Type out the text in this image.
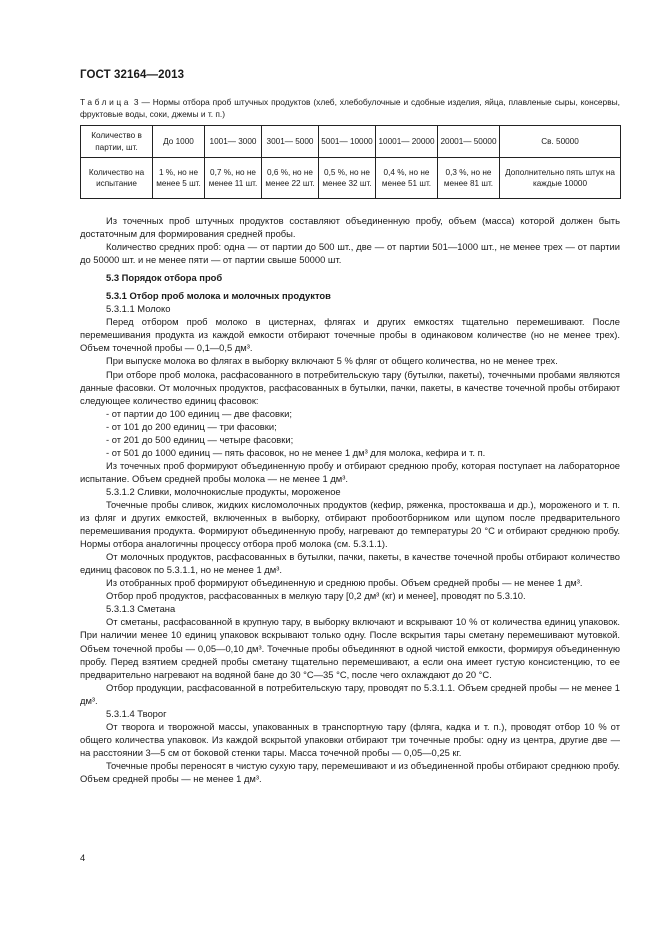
ГОСТ 32164—2013
Таблица 3 — Нормы отбора проб штучных продуктов (хлеб, хлебобулочные и сдобные изделия, яйца, плавленые сыры, консервы, фруктовые воды, соки, джемы и т. п.)
Количество в партии, шт.	До 1000	1001— 3000	3001— 5000	5001— 10000	10001— 20000	20001— 50000	Св. 50000
Количество на испытание	1 %, но не менее 5 шт.	0,7 %, но не менее 11 шт.	0,6 %, но не менее 22 шт.	0,5 %, но не менее 32 шт.	0,4 %, но не менее 51 шт.	0,3 %, но не менее 81 шт.	Дополнительно пять штук на каждые 10000

Из точечных проб штучных продуктов составляют объединенную пробу, объем (масса) которой должен быть достаточным для формирования средней пробы.

Количество средних проб: одна — от партии до 500 шт., две — от партии 501—1000 шт., не менее трех — от партии до 50000 шт. и не менее пяти — от партии свыше 50000 шт.

5.3 Порядок отбора проб

5.3.1 Отбор проб молока и молочных продуктов

5.3.1.1 Молоко

Перед отбором проб молоко в цистернах, флягах и других емкостях тщательно перемешивают. После перемешивания продукта из каждой емкости отбирают точечные пробы в одинаковом количестве (но не менее трех). Объем точечной пробы — 0,1—0,5 дм³.

При выпуске молока во флягах в выборку включают 5 % фляг от общего количества, но не менее трех.

При отборе проб молока, расфасованного в потребительскую тару (бутылки, пакеты), точечными пробами являются данные фасовки. От молочных продуктов, расфасованных в бутылки, пачки, пакеты, в качестве точечной пробы отбирают следующее количество единиц фасовок:

- от партии до 100 единиц — две фасовки;

- от 101 до 200 единиц — три фасовки;

- от 201 до 500 единиц — четыре фасовки;

- от 501 до 1000 единиц — пять фасовок, но не менее 1 дм³ для молока, кефира и т. п.

Из точечных проб формируют объединенную пробу и отбирают среднюю пробу, которая поступает на лабораторное испытание. Объем средней пробы молока — не менее 1 дм³.

5.3.1.2 Сливки, молочнокислые продукты, мороженое

Точечные пробы сливок, жидких кисломолочных продуктов (кефир, ряженка, простокваша и др.), мороженого и т. п. из фляг и других емкостей, включенных в выборку, отбирают пробоотборником или щупом после предварительного перемешивания продукта. Формируют объединенную пробу, нагревают до температуры 20 °С и отбирают среднюю пробу. Нормы отбора аналогичны процессу отбора проб молока (см. 5.3.1.1).

От молочных продуктов, расфасованных в бутылки, пачки, пакеты, в качестве точечной пробы отбирают количество единиц фасовок по 5.3.1.1, но не менее 1 дм³.

Из отобранных проб формируют объединенную и среднюю пробы. Объем средней пробы — не менее 1 дм³.

Отбор проб продуктов, расфасованных в мелкую тару [0,2 дм³ (кг) и менее], проводят по 5.3.10.

5.3.1.3 Сметана

От сметаны, расфасованной в крупную тару, в выборку включают и вскрывают 10 % от количества единиц упаковок. При наличии менее 10 единиц упаковок вскрывают только одну. После вскрытия тары сметану перемешивают мутовкой. Объем точечной пробы — 0,05—0,10 дм³. Точечные пробы объединяют в одной чистой емкости, формируя объединенную пробу. Перед взятием средней пробы сметану тщательно перемешивают, а если она имеет густую консистенцию, то ее предварительно нагревают на водяной бане до 30 °С—35 °С, после чего охлаждают до 20 °С.

Отбор продукции, расфасованной в потребительскую тару, проводят по 5.3.1.1. Объем средней пробы — не менее 1 дм³.

5.3.1.4 Творог

От творога и творожной массы, упакованных в транспортную тару (фляга, кадка и т. п.), проводят отбор 10 % от общего количества упаковок. Из каждой вскрытой упаковки отбирают три точечные пробы: одну из центра, другие две — на расстоянии 3—5 см от боковой стенки тары. Масса точечной пробы — 0,05—0,25 кг.

Точечные пробы переносят в чистую сухую тару, перемешивают и из объединенной пробы отбирают среднюю пробу. Объем средней пробы — не менее 1 дм³.

4
